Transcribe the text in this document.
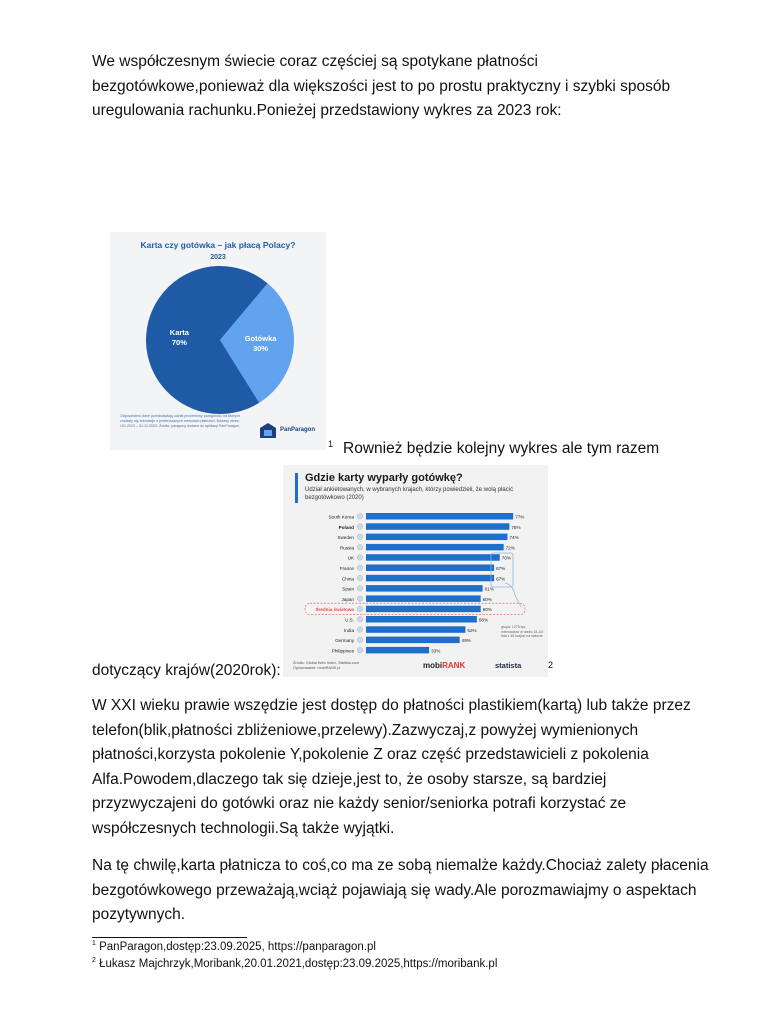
We współczesnym świecie coraz częściej są spotykane płatności
bezgotówkowe,ponieważ dla większości jest to po prostu praktyczny i szybki sposób
uregulowania rachunku.Ponieżej przedstawiony wykres za 2023 rok:
Karta czy gotówka – jak płacą Polacy?
2023
Gotówka
30%
Karta
70%
Odpowiednio dane przedstawiają udział procentowy paragonów, na których znalazły się adnotacje o preferowanych metodach płatności. Badany okres: I.01.2023 – 31.12.2023. Źródło: paragony dodane do aplikacji PanParagon.
PanParagon
1 Rownież będzie kolejny wykres ale tym razem
Gdzie karty wyparły gotówkę?
Udział ankietowanych, w wybranych krajach, którzy powiedzieli, że wolą płacić bezgotówkowo (2020)
South Korea	77%
Poland	75%
Sweden	74%
Russia	72%
UK	70%
France	67%
China	67%
Spain	61%
Japan	60%
Średnia światowa	60%
U.S.	58%
India	52%
Germany	49%
Philippines	33%
grupa: 1278 tys. internautów w wieku 18–64 lata z 46 krajów na świecie
Źródło: Global Web Index, Statista.com
Opracowanie: mobiRANK.pl	mobiRANK	statista
dotyczący krajów(2020rok):	2
W XXI wieku prawie wszędzie jest dostęp do płatności plastikiem(kartą) lub także przez
telefon(blik,płatności zbliżeniowe,przelewy).Zazwyczaj,z powyżej wymienionych
płatności,korzysta pokolenie Y,pokolenie Z oraz część przedstawicieli z pokolenia
Alfa.Powodem,dlaczego tak się dzieje,jest to, że osoby starsze, są bardziej
przyzwyczajeni do gotówki oraz nie każdy senior/seniorka potrafi korzystać ze
współczesnych technologii.Są także wyjątki.
Na tę chwilę,karta płatnicza to coś,co ma ze sobą niemalże każdy.Chociaż zalety płacenia
bezgotówkowego przeważają,wciąż pojawiają się wady.Ale porozmawiajmy o aspektach
pozytywnych.
$^1$ PanParagon,dostęp:23.09.2025, https://panparagon.pl
$^2$ Łukasz Majchrzyk,Moribank,20.01.2021,dostęp:23.09.2025,https://moribank.pl
